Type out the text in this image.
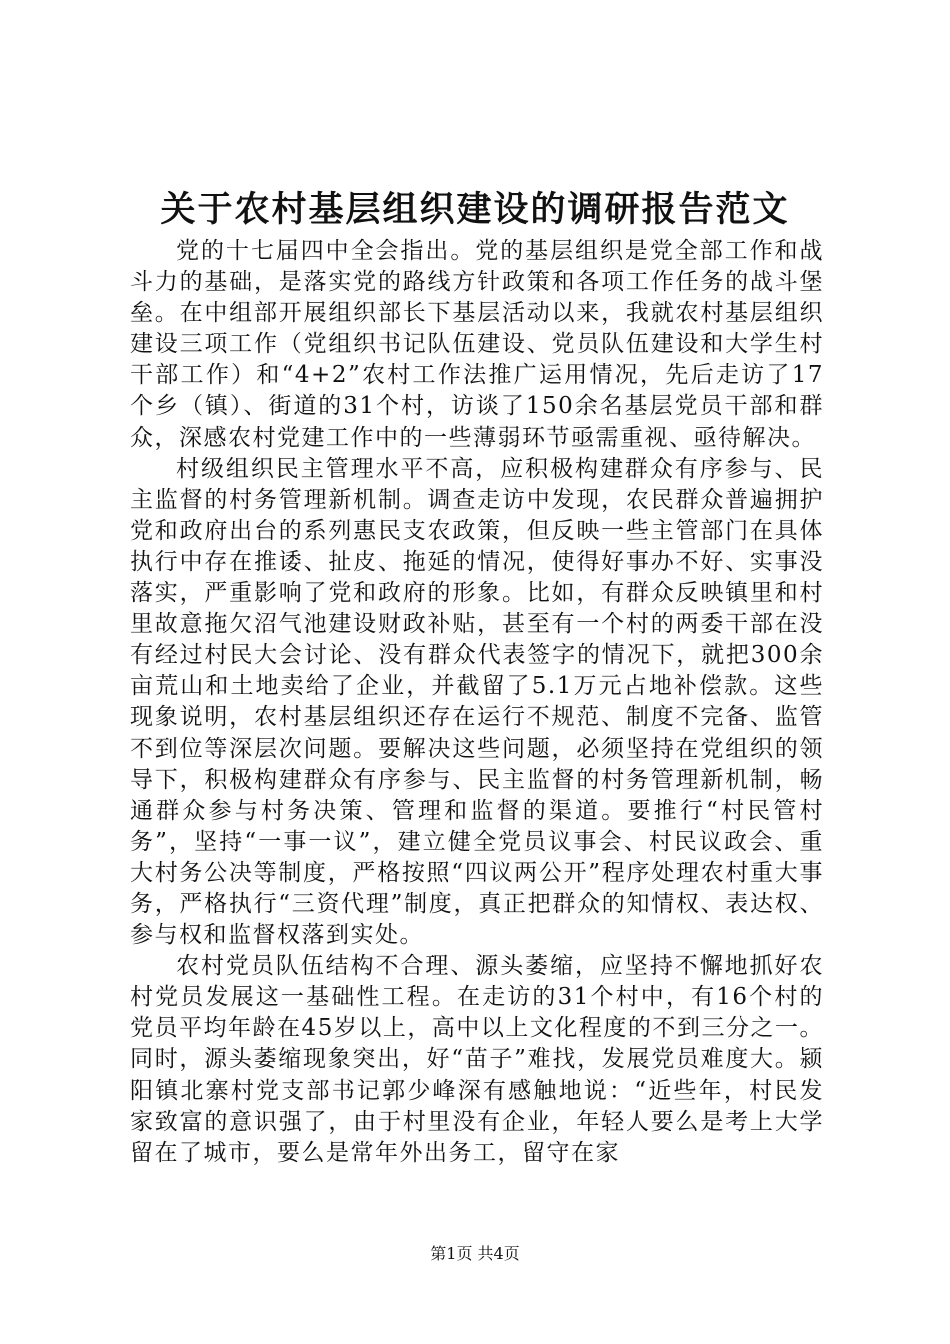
关于农村基层组织建设的调研报告范文

党的十七届四中全会指出。党的基层组织是党全部工作和战斗力的基础，是落实党的路线方针政策和各项工作任务的战斗堡垒。在中组部开展组织部长下基层活动以来，我就农村基层组织建设三项工作（党组织书记队伍建设、党员队伍建设和大学生村干部工作）和“4+2”农村工作法推广运用情况，先后走访了17个乡（镇）、街道的31个村，访谈了150余名基层党员干部和群众，深感农村党建工作中的一些薄弱环节亟需重视、亟待解决。

村级组织民主管理水平不高，应积极构建群众有序参与、民主监督的村务管理新机制。调查走访中发现，农民群众普遍拥护党和政府出台的系列惠民支农政策，但反映一些主管部门在具体执行中存在推诿、扯皮、拖延的情况，使得好事办不好、实事没落实，严重影响了党和政府的形象。比如，有群众反映镇里和村里故意拖欠沼气池建设财政补贴，甚至有一个村的两委干部在没有经过村民大会讨论、没有群众代表签字的情况下，就把300余亩荒山和土地卖给了企业，并截留了5.1万元占地补偿款。这些现象说明，农村基层组织还存在运行不规范、制度不完备、监管不到位等深层次问题。要解决这些问题，必须坚持在党组织的领导下，积极构建群众有序参与、民主监督的村务管理新机制，畅通群众参与村务决策、管理和监督的渠道。要推行“村民管村务”，坚持“一事一议”，建立健全党员议事会、村民议政会、重大村务公决等制度，严格按照“四议两公开”程序处理农村重大事务，严格执行“三资代理”制度，真正把群众的知情权、表达权、参与权和监督权落到实处。

农村党员队伍结构不合理、源头萎缩，应坚持不懈地抓好农村党员发展这一基础性工程。在走访的31个村中，有16个村的党员平均年龄在45岁以上，高中以上文化程度的不到三分之一。同时，源头萎缩现象突出，好“苗子”难找，发展党员难度大。颍阳镇北寨村党支部书记郭少峰深有感触地说：“近些年，村民发家致富的意识强了，由于村里没有企业，年轻人要么是考上大学留在了城市，要么是常年外出务工，留守在家

第1页 共4页
